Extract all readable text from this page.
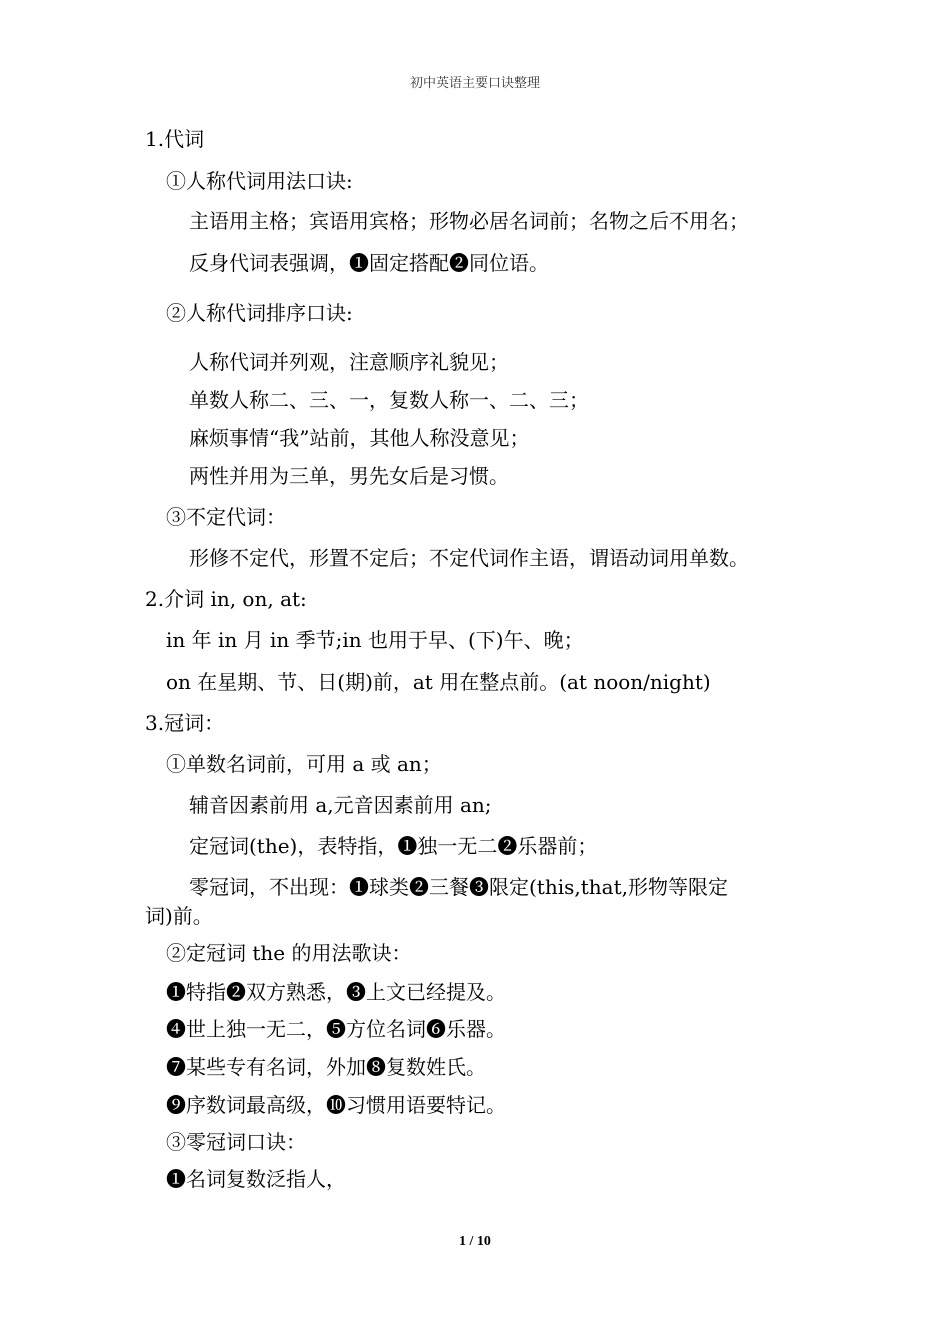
初中英语主要口诀整理
1.代词
①人称代词用法口诀:
主语用主格；宾语用宾格；形物必居名词前；名物之后不用名；
反身代词表强调，❶固定搭配❷同位语。
②人称代词排序口诀:
人称代词并列观，注意顺序礼貌见；
单数人称二、三、一，复数人称一、二、三；
麻烦事情“我”站前，其他人称没意见；
两性并用为三单，男先女后是习惯。
③不定代词：
形修不定代，形置不定后；不定代词作主语，谓语动词用单数。
2.介词 in, on, at:
in 年 in 月 in 季节;in 也用于早、(下)午、晚；
on 在星期、节、日(期)前，at 用在整点前。(at noon/night)
3.冠词：
①单数名词前，可用 a 或 an；
辅音因素前用 a,元音因素前用 an;
定冠词(the)，表特指，❶独一无二❷乐器前；
零冠词，不出现：❶球类❷三餐❸限定(this,that,形物等限定
词)前。
②定冠词 the 的用法歌诀：
❶特指❷双方熟悉，❸上文已经提及。
❹世上独一无二，❺方位名词❻乐器。
❼某些专有名词，外加❽复数姓氏。
❾序数词最高级，❿习惯用语要特记。
③零冠词口诀：
❶名词复数泛指人，
1 / 10
